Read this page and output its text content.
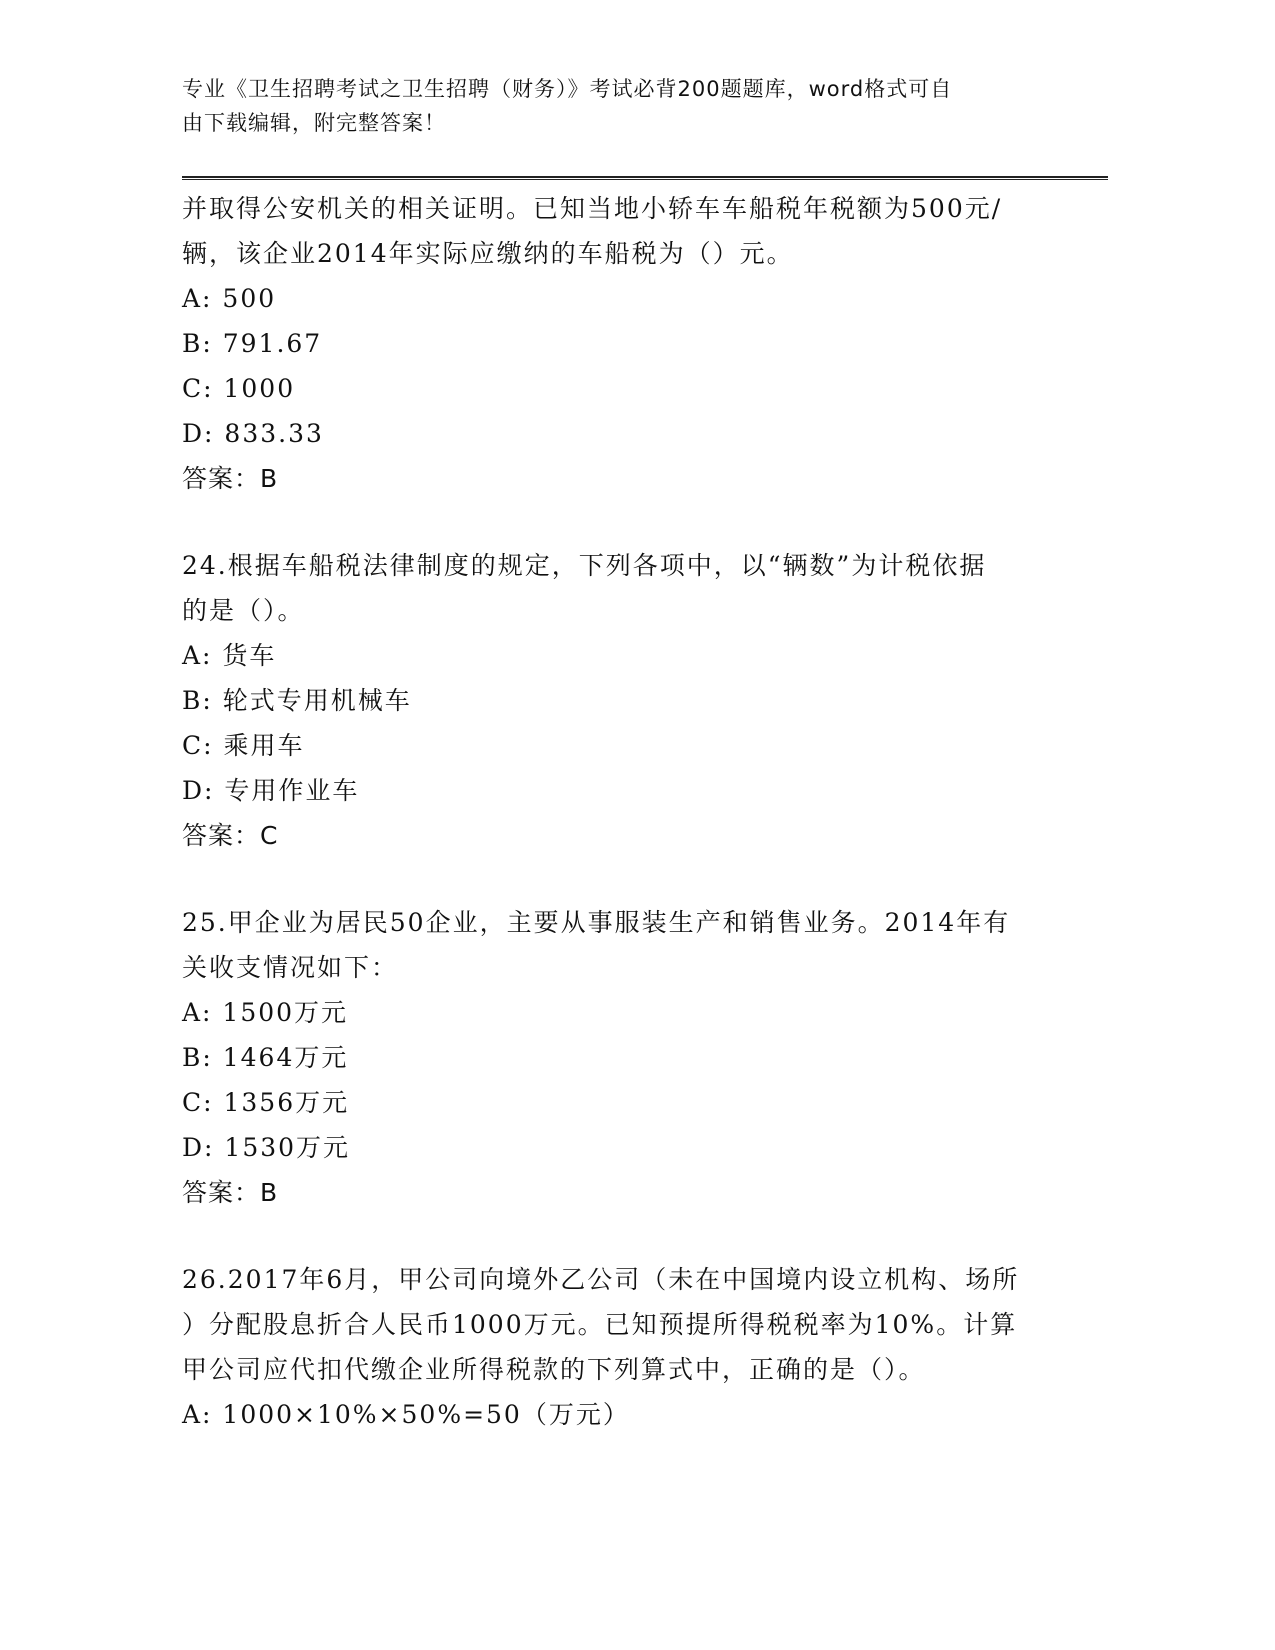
专业《卫生招聘考试之卫生招聘（财务）》考试必背200题题库，word格式可自
由下载编辑，附完整答案！
并取得公安机关的相关证明。已知当地小轿车车船税年税额为500元/
辆，该企业2014年实际应缴纳的车船税为（）元。
A: 500
B: 791.67
C: 1000
D: 833.33
答案：B
24.根据车船税法律制度的规定，下列各项中，以“辆数”为计税依据
的是（）。
A: 货车
B: 轮式专用机械车
C: 乘用车
D: 专用作业车
答案：C
25.甲企业为居民50企业，主要从事服装生产和销售业务。2014年有
关收支情况如下：
A: 1500万元
B: 1464万元
C: 1356万元
D: 1530万元
答案：B
26.2017年6月，甲公司向境外乙公司（未在中国境内设立机构、场所
）分配股息折合人民币1000万元。已知预提所得税税率为10%。计算
甲公司应代扣代缴企业所得税款的下列算式中，正确的是（）。
A: 1000×10%×50%=50（万元）
